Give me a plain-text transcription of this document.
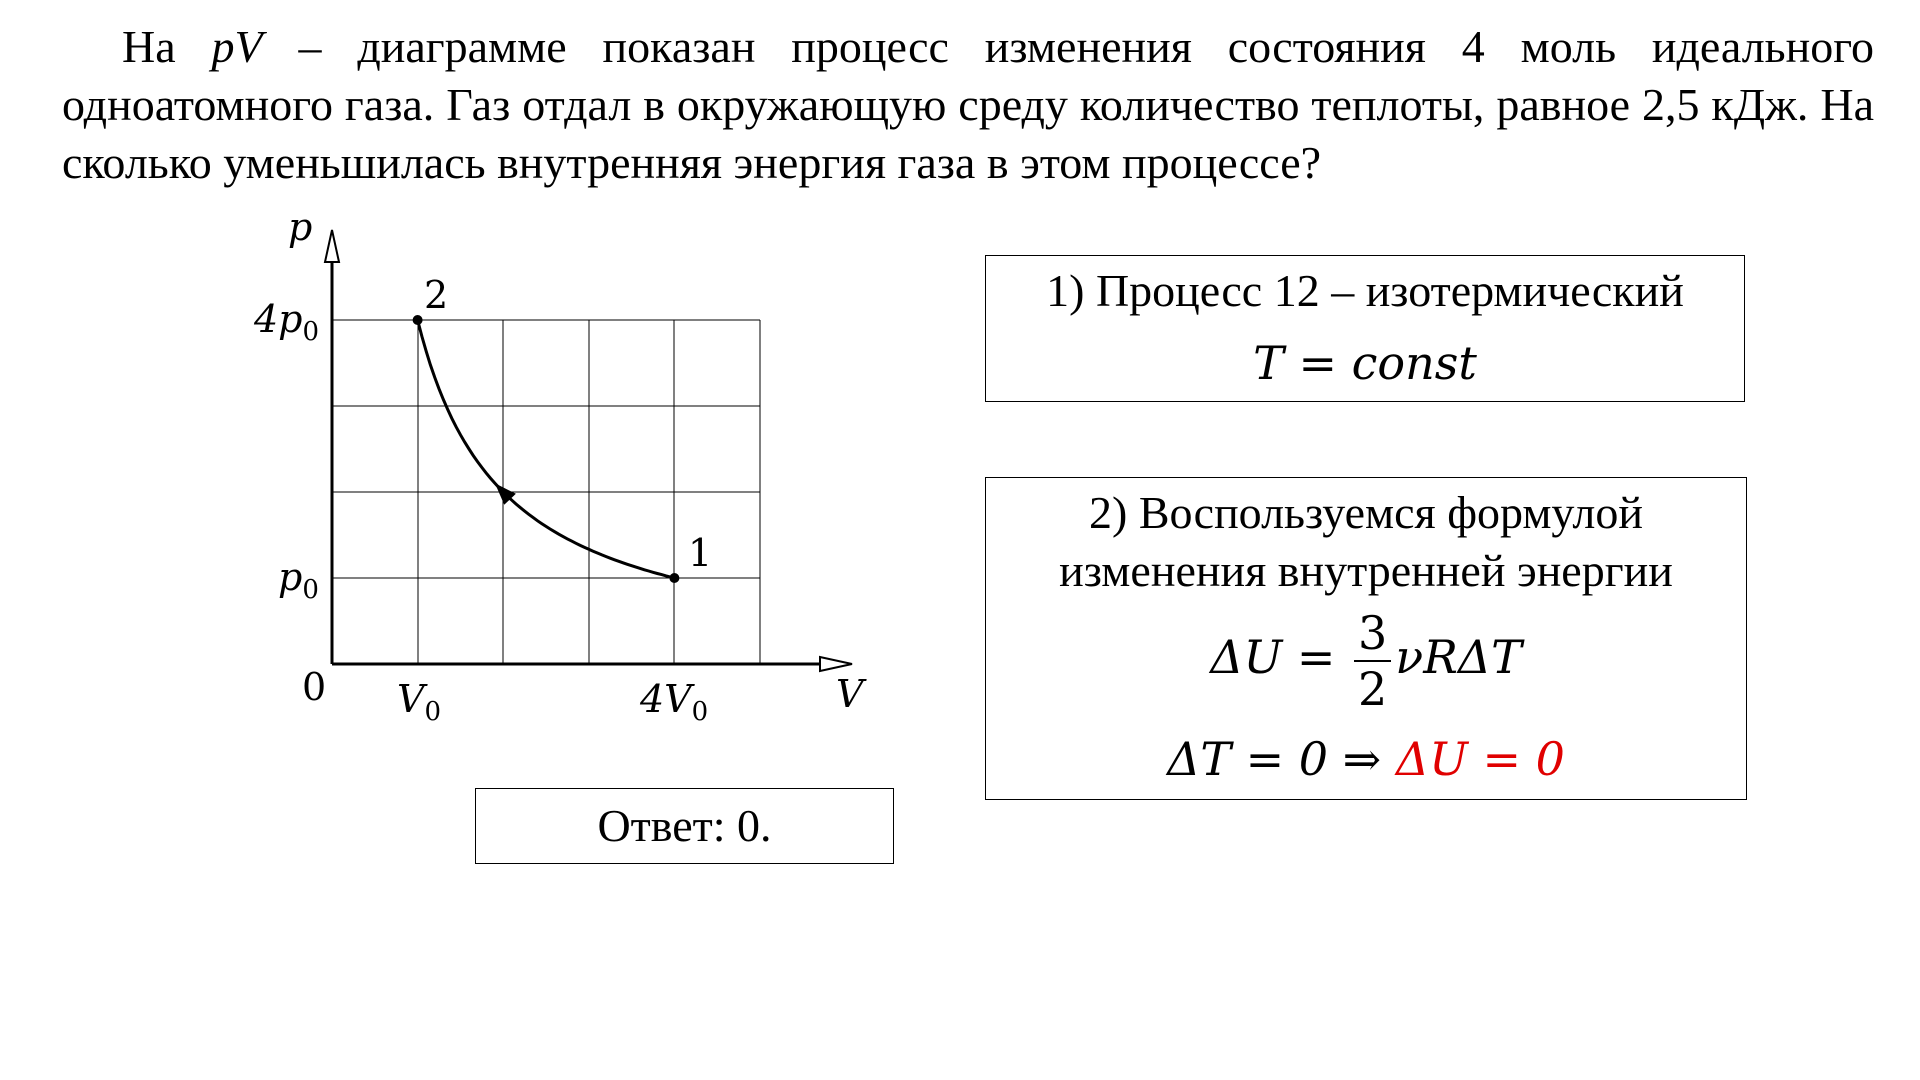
На pV – диаграмме показан процесс изменения состояния 4 моль идеального одноатомного газа. Газ отдал в окружающую среду количество теплоты, равное 2,5 кДж. На сколько уменьшилась внутренняя энергия газа в этом процессе?

2
1
p
V
0
$4p_0$
$p_0$
$V_0$	$4V_0$
1) Процесс 12 – изотермический
T = const
2) Воспользуемся формулой
изменения внутренней энергии
$\Delta U = \frac{3}{2}$ νRΔT
ΔT = 0 ⇒ ΔU = 0
Ответ: 0.
